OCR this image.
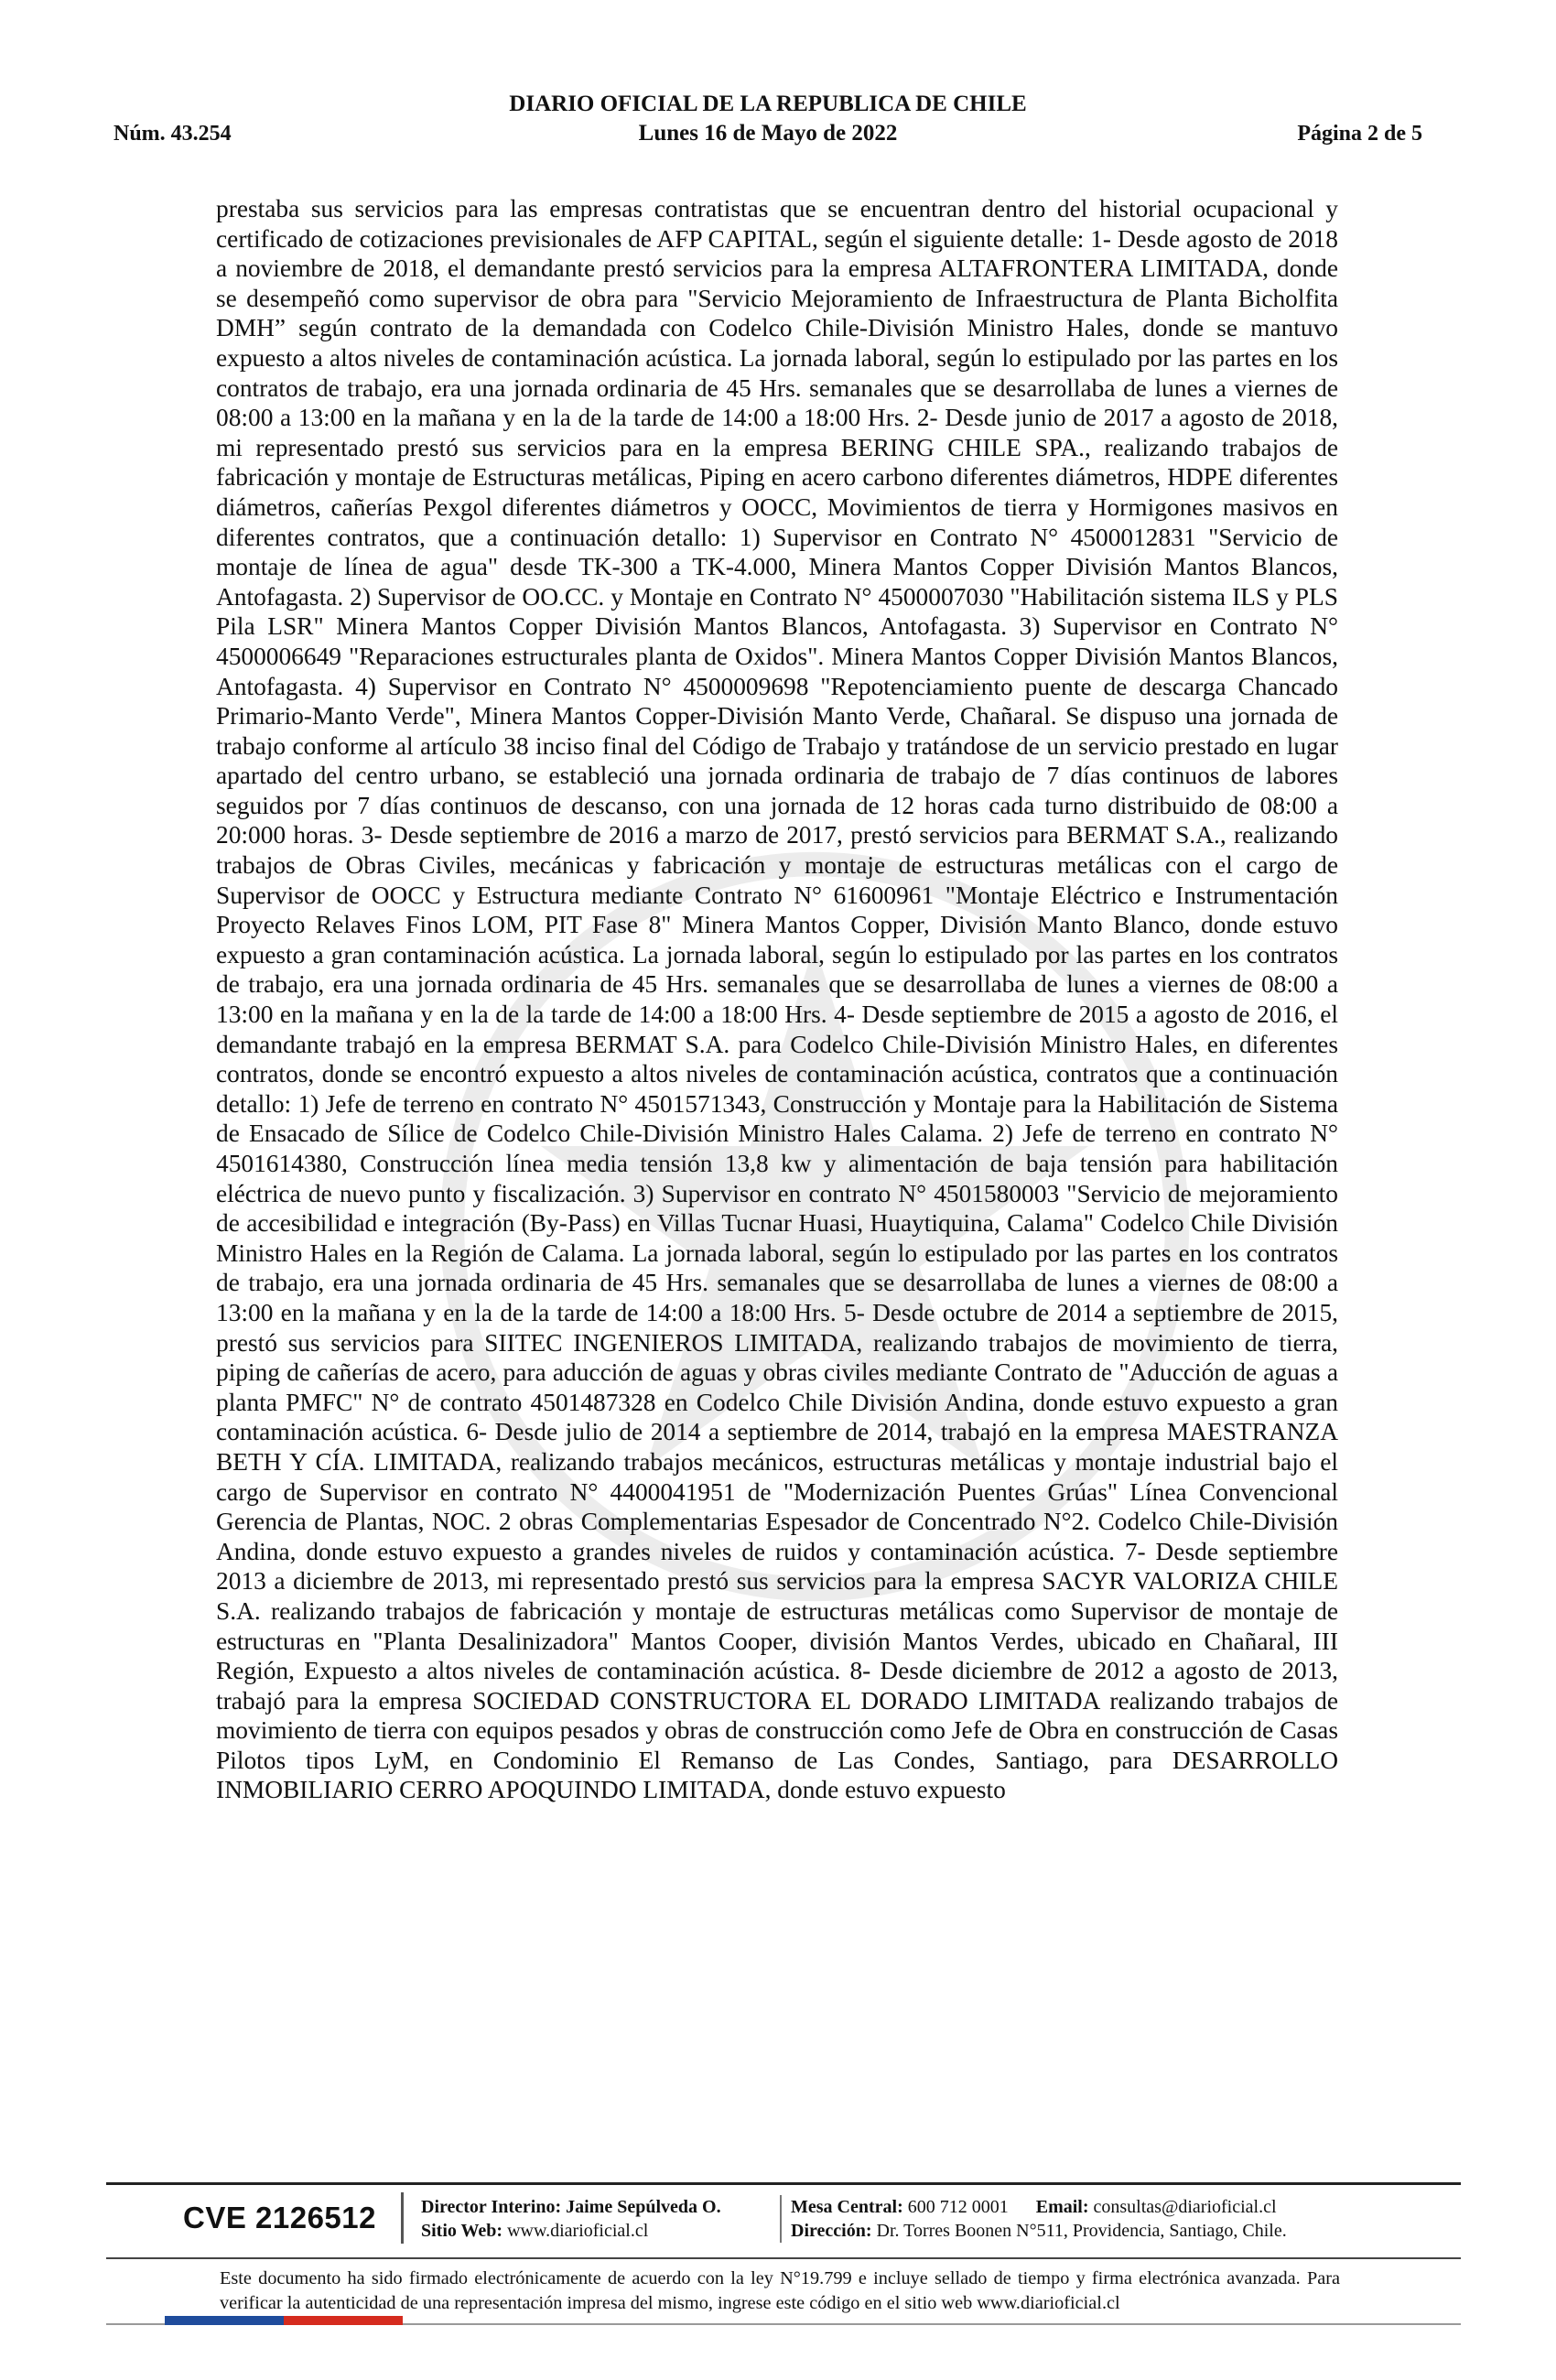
DIARIO OFICIAL DE LA REPUBLICA DE CHILE
Lunes 16 de Mayo de 2022
Núm. 43.254	Página 2 de 5
prestaba sus servicios para las empresas contratistas que se encuentran dentro del historial ocupacional y certificado de cotizaciones previsionales de AFP CAPITAL, según el siguiente detalle: 1- Desde agosto de 2018 a noviembre de 2018, el demandante prestó servicios para la empresa ALTAFRONTERA LIMITADA, donde se desempeñó como supervisor de obra para "Servicio Mejoramiento de Infraestructura de Planta Bicholfita DMH” según contrato de la demandada con Codelco Chile-División Ministro Hales, donde se mantuvo expuesto a altos niveles de contaminación acústica. La jornada laboral, según lo estipulado por las partes en los contratos de trabajo, era una jornada ordinaria de 45 Hrs. semanales que se desarrollaba de lunes a viernes de 08:00 a 13:00 en la mañana y en la de la tarde de 14:00 a 18:00 Hrs. 2- Desde junio de 2017 a agosto de 2018, mi representado prestó sus servicios para en la empresa BERING CHILE SPA., realizando trabajos de fabricación y montaje de Estructuras metálicas, Piping en acero carbono diferentes diámetros, HDPE diferentes diámetros, cañerías Pexgol diferentes diámetros y OOCC, Movimientos de tierra y Hormigones masivos en diferentes contratos, que a continuación detallo: 1) Supervisor en Contrato N° 4500012831 "Servicio de montaje de línea de agua" desde TK-300 a TK-4.000, Minera Mantos Copper División Mantos Blancos, Antofagasta. 2) Supervisor de OO.CC. y Montaje en Contrato N° 4500007030 "Habilitación sistema ILS y PLS Pila LSR" Minera Mantos Copper División Mantos Blancos, Antofagasta. 3) Supervisor en Contrato N° 4500006649 "Reparaciones estructurales planta de Oxidos". Minera Mantos Copper División Mantos Blancos, Antofagasta. 4) Supervisor en Contrato N° 4500009698 "Repotenciamiento puente de descarga Chancado Primario-Manto Verde", Minera Mantos Copper-División Manto Verde, Chañaral. Se dispuso una jornada de trabajo conforme al artículo 38 inciso final del Código de Trabajo y tratándose de un servicio prestado en lugar apartado del centro urbano, se estableció una jornada ordinaria de trabajo de 7 días continuos de labores seguidos por 7 días continuos de descanso, con una jornada de 12 horas cada turno distribuido de 08:00 a 20:000 horas. 3- Desde septiembre de 2016 a marzo de 2017, prestó servicios para BERMAT S.A., realizando trabajos de Obras Civiles, mecánicas y fabricación y montaje de estructuras metálicas con el cargo de Supervisor de OOCC y Estructura mediante Contrato N° 61600961 "Montaje Eléctrico e Instrumentación Proyecto Relaves Finos LOM, PIT Fase 8" Minera Mantos Copper, División Manto Blanco, donde estuvo expuesto a gran contaminación acústica. La jornada laboral, según lo estipulado por las partes en los contratos de trabajo, era una jornada ordinaria de 45 Hrs. semanales que se desarrollaba de lunes a viernes de 08:00 a 13:00 en la mañana y en la de la tarde de 14:00 a 18:00 Hrs. 4- Desde septiembre de 2015 a agosto de 2016, el demandante trabajó en la empresa BERMAT S.A. para Codelco Chile-División Ministro Hales, en diferentes contratos, donde se encontró expuesto a altos niveles de contaminación acústica, contratos que a continuación detallo: 1) Jefe de terreno en contrato N° 4501571343, Construcción y Montaje para la Habilitación de Sistema de Ensacado de Sílice de Codelco Chile-División Ministro Hales Calama. 2) Jefe de terreno en contrato N° 4501614380, Construcción línea media tensión 13,8 kw y alimentación de baja tensión para habilitación eléctrica de nuevo punto y fiscalización. 3) Supervisor en contrato N° 4501580003 "Servicio de mejoramiento de accesibilidad e integración (By-Pass) en Villas Tucnar Huasi, Huaytiquina, Calama" Codelco Chile División Ministro Hales en la Región de Calama. La jornada laboral, según lo estipulado por las partes en los contratos de trabajo, era una jornada ordinaria de 45 Hrs. semanales que se desarrollaba de lunes a viernes de 08:00 a 13:00 en la mañana y en la de la tarde de 14:00 a 18:00 Hrs. 5- Desde octubre de 2014 a septiembre de 2015, prestó sus servicios para SIITEC INGENIEROS LIMITADA, realizando trabajos de movimiento de tierra, piping de cañerías de acero, para aducción de aguas y obras civiles mediante Contrato de "Aducción de aguas a planta PMFC" N° de contrato 4501487328 en Codelco Chile División Andina, donde estuvo expuesto a gran contaminación acústica. 6- Desde julio de 2014 a septiembre de 2014, trabajó en la empresa MAESTRANZA BETH Y CÍA. LIMITADA, realizando trabajos mecánicos, estructuras metálicas y montaje industrial bajo el cargo de Supervisor en contrato N° 4400041951 de "Modernización Puentes Grúas" Línea Convencional Gerencia de Plantas, NOC. 2 obras Complementarias Espesador de Concentrado N°2. Codelco Chile-División Andina, donde estuvo expuesto a grandes niveles de ruidos y contaminación acústica. 7- Desde septiembre 2013 a diciembre de 2013, mi representado prestó sus servicios para la empresa SACYR VALORIZA CHILE S.A. realizando trabajos de fabricación y montaje de estructuras metálicas como Supervisor de montaje de estructuras en "Planta Desalinizadora" Mantos Cooper, división Mantos Verdes, ubicado en Chañaral, III Región, Expuesto a altos niveles de contaminación acústica. 8- Desde diciembre de 2012 a agosto de 2013, trabajó para la empresa SOCIEDAD CONSTRUCTORA EL DORADO LIMITADA realizando trabajos de movimiento de tierra con equipos pesados y obras de construcción como Jefe de Obra en construcción de Casas Pilotos tipos LyM, en Condominio El Remanso de Las Condes, Santiago, para DESARROLLO INMOBILIARIO CERRO APOQUINDO LIMITADA, donde estuvo expuesto
CVE 2126512	Director Interino: Jaime Sepúlveda O.
Sitio Web: www.diarioficial.cl
Mesa Central: 600 712 0001 Email: consultas@diarioficial.cl
Dirección: Dr. Torres Boonen N°511, Providencia, Santiago, Chile.
Este documento ha sido firmado electrónicamente de acuerdo con la ley N°19.799 e incluye sellado de tiempo y firma electrónica avanzada. Para verificar la autenticidad de una representación impresa del mismo, ingrese este código en el sitio web www.diarioficial.cl
